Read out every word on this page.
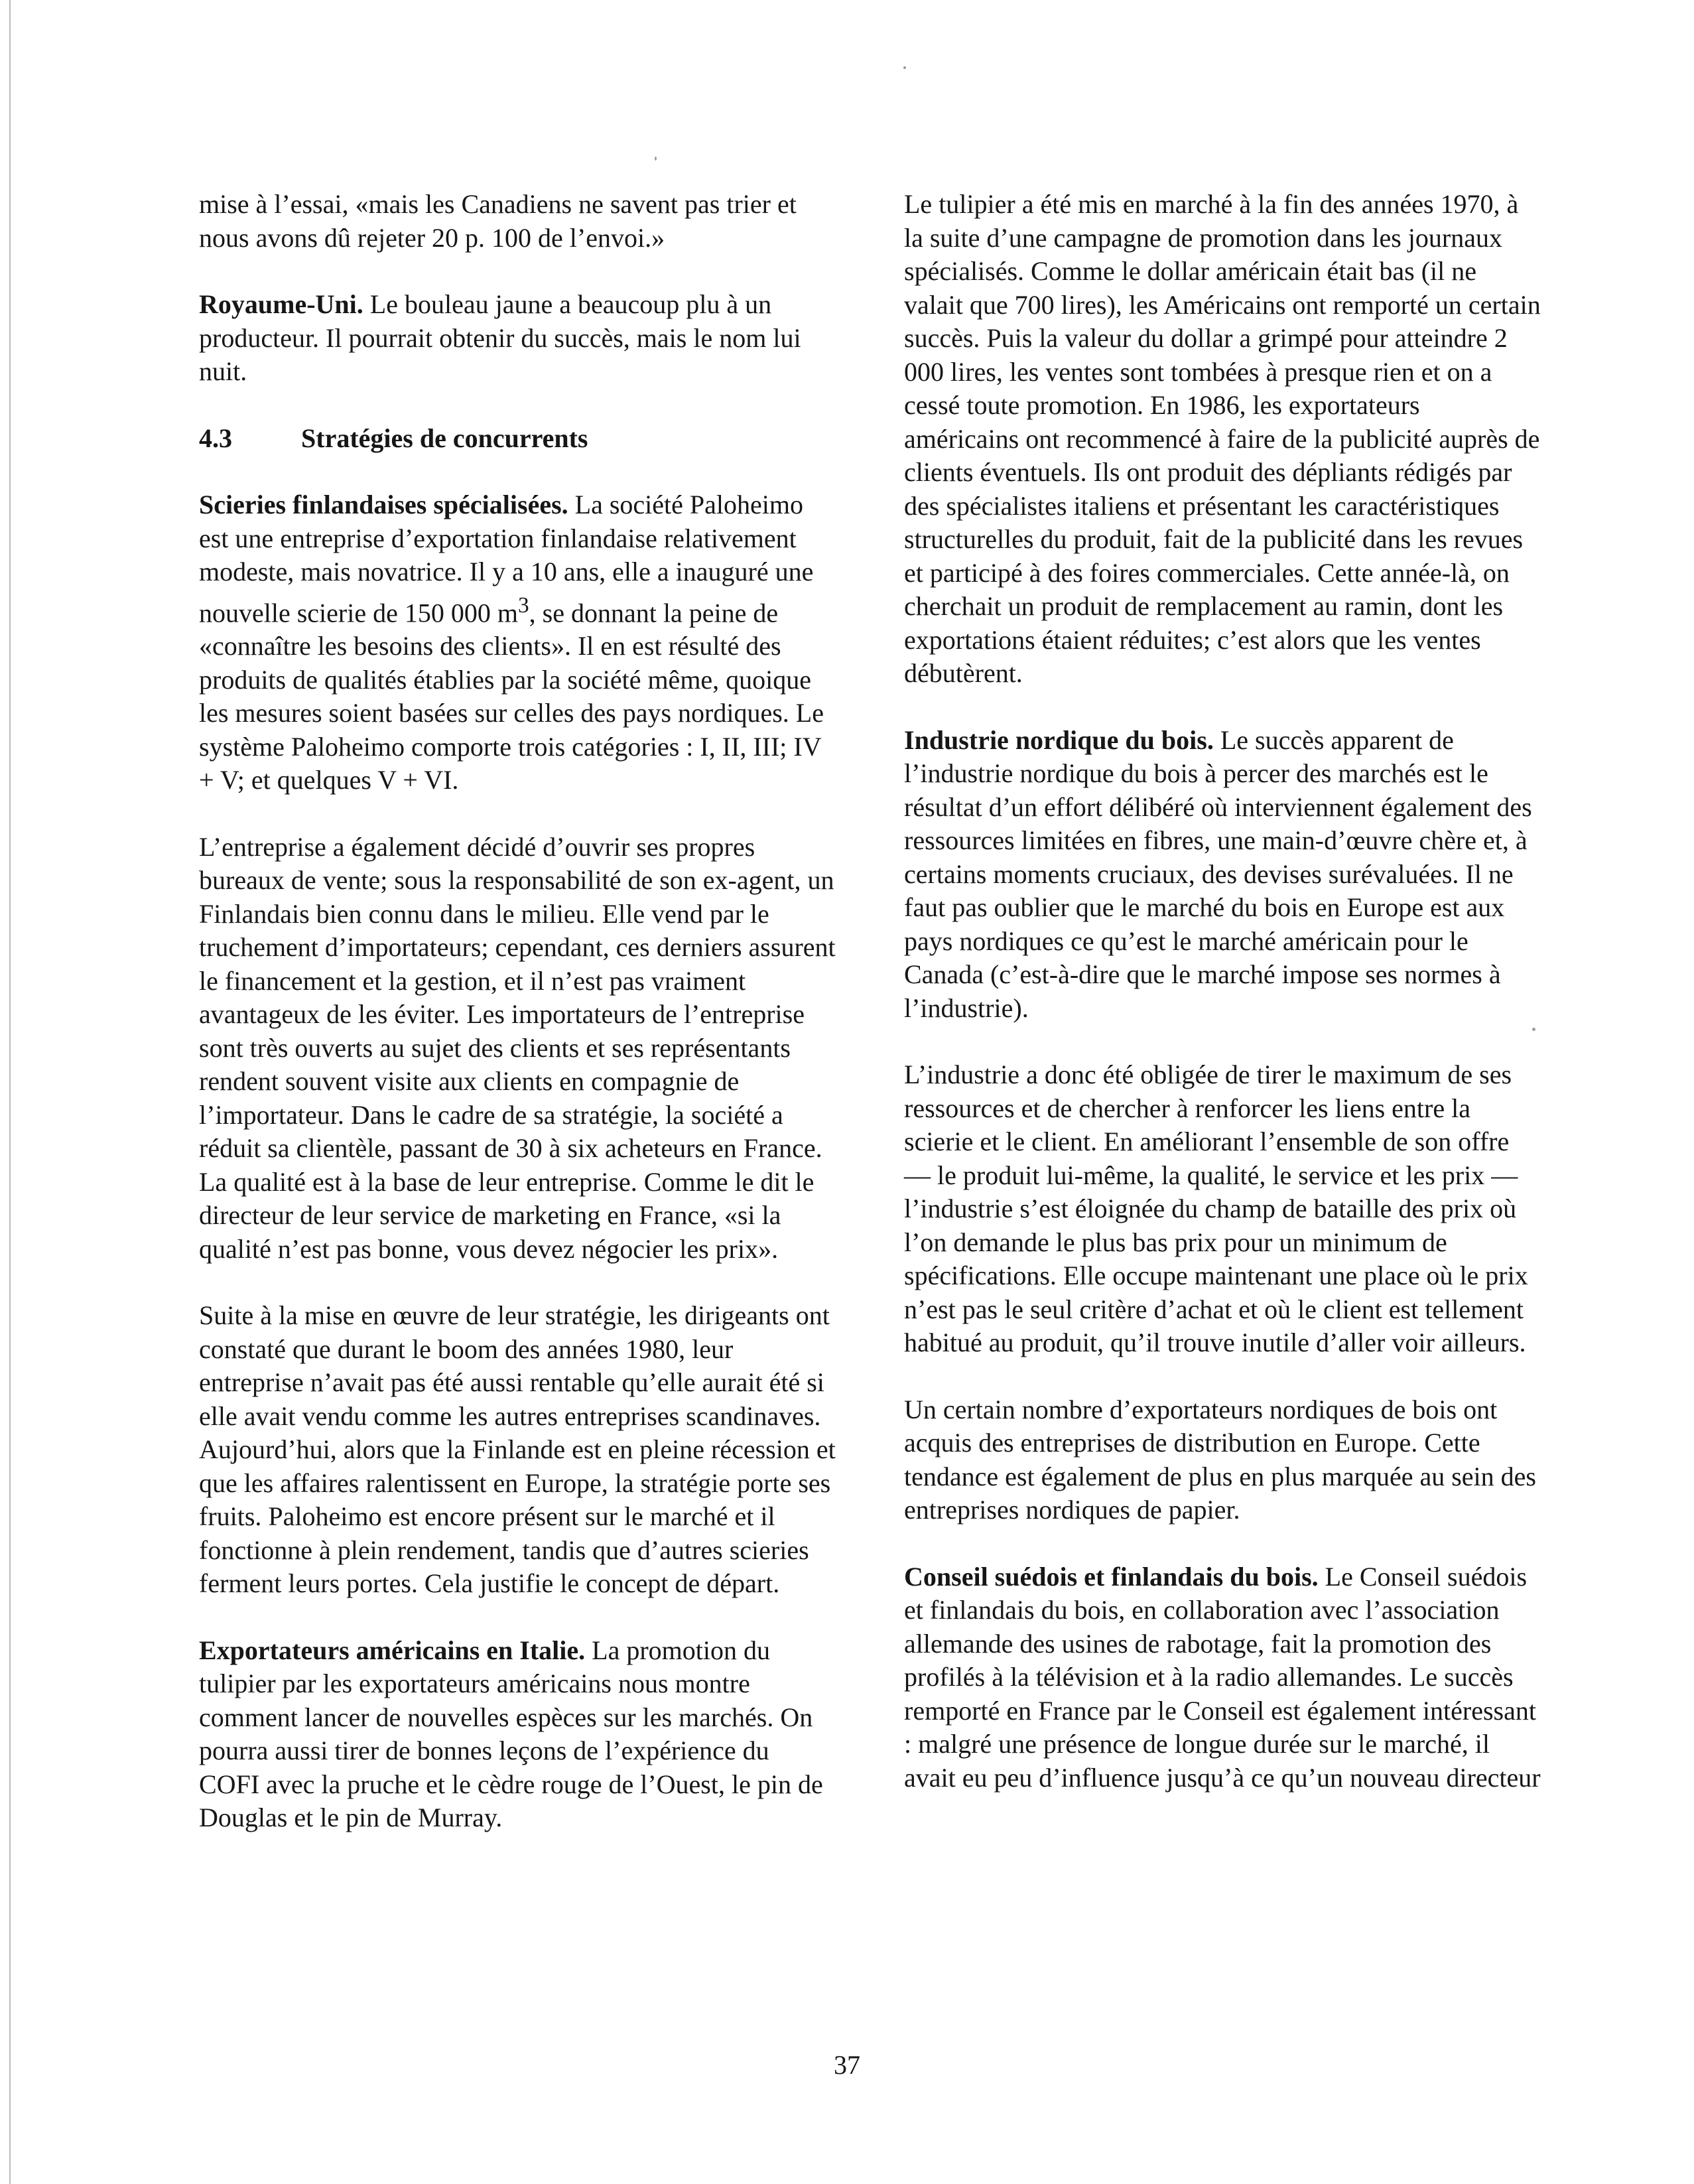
mise à l’essai, «mais les Canadiens ne savent pas trier et nous avons dû rejeter 20 p. 100 de l’envoi.»

Royaume-Uni. Le bouleau jaune a beaucoup plu à un producteur. Il pourrait obtenir du succès, mais le nom lui nuit.

4.3	Stratégies de concurrents

Scieries finlandaises spécialisées. La société Paloheimo est une entreprise d’exportation finlandaise relativement modeste, mais novatrice. Il y a 10 ans, elle a inauguré une nouvelle scierie de 150 000 $m^3$, se donnant la peine de «connaître les besoins des clients». Il en est résulté des produits de qualités établies par la société même, quoique les mesures soient basées sur celles des pays nordiques. Le système Paloheimo comporte trois catégories : I, II, III; IV + V; et quelques V + VI.

L’entreprise a également décidé d’ouvrir ses propres bureaux de vente; sous la responsabilité de son ex-agent, un Finlandais bien connu dans le milieu. Elle vend par le truchement d’importateurs; cependant, ces derniers assurent le financement et la gestion, et il n’est pas vraiment avantageux de les éviter. Les importateurs de l’entreprise sont très ouverts au sujet des clients et ses représentants rendent souvent visite aux clients en compagnie de l’importateur. Dans le cadre de sa stratégie, la société a réduit sa clientèle, passant de 30 à six acheteurs en France. La qualité est à la base de leur entreprise. Comme le dit le directeur de leur service de marketing en France, «si la qualité n’est pas bonne, vous devez négocier les prix».

Suite à la mise en œuvre de leur stratégie, les dirigeants ont constaté que durant le boom des années 1980, leur entreprise n’avait pas été aussi rentable qu’elle aurait été si elle avait vendu comme les autres entreprises scandinaves. Aujourd’hui, alors que la Finlande est en pleine récession et que les affaires ralentissent en Europe, la stratégie porte ses fruits. Paloheimo est encore présent sur le marché et il fonctionne à plein rendement, tandis que d’autres scieries ferment leurs portes. Cela justifie le concept de départ.

Exportateurs américains en Italie. La promotion du tulipier par les exportateurs américains nous montre comment lancer de nouvelles espèces sur les marchés. On pourra aussi tirer de bonnes leçons de l’expérience du COFI avec la pruche et le cèdre rouge de l’Ouest, le pin de Douglas et le pin de Murray.

Le tulipier a été mis en marché à la fin des années 1970, à la suite d’une campagne de promotion dans les journaux spécialisés. Comme le dollar américain était bas (il ne valait que 700 lires), les Américains ont remporté un certain succès. Puis la valeur du dollar a grimpé pour atteindre 2 000 lires, les ventes sont tombées à presque rien et on a cessé toute promotion. En 1986, les exportateurs américains ont recommencé à faire de la publicité auprès de clients éventuels. Ils ont produit des dépliants rédigés par des spécialistes italiens et présentant les caractéristiques structurelles du produit, fait de la publicité dans les revues et participé à des foires commerciales. Cette année-là, on cherchait un produit de remplacement au ramin, dont les exportations étaient réduites; c’est alors que les ventes débutèrent.

Industrie nordique du bois. Le succès apparent de l’industrie nordique du bois à percer des marchés est le résultat d’un effort délibéré où interviennent également des ressources limitées en fibres, une main-d’œuvre chère et, à certains moments cruciaux, des devises surévaluées. Il ne faut pas oublier que le marché du bois en Europe est aux pays nordiques ce qu’est le marché américain pour le Canada (c’est-à-dire que le marché impose ses normes à l’industrie).

L’industrie a donc été obligée de tirer le maximum de ses ressources et de chercher à renforcer les liens entre la scierie et le client. En améliorant l’ensemble de son offre — le produit lui-même, la qualité, le service et les prix — l’industrie s’est éloignée du champ de bataille des prix où l’on demande le plus bas prix pour un minimum de spécifications. Elle occupe maintenant une place où le prix n’est pas le seul critère d’achat et où le client est tellement habitué au produit, qu’il trouve inutile d’aller voir ailleurs.

Un certain nombre d’exportateurs nordiques de bois ont acquis des entreprises de distribution en Europe. Cette tendance est également de plus en plus marquée au sein des entreprises nordiques de papier.

Conseil suédois et finlandais du bois. Le Conseil suédois et finlandais du bois, en collaboration avec l’association allemande des usines de rabotage, fait la promotion des profilés à la télévision et à la radio allemandes. Le succès remporté en France par le Conseil est également intéressant : malgré une présence de longue durée sur le marché, il avait eu peu d’influence jusqu’à ce qu’un nouveau directeur

37
